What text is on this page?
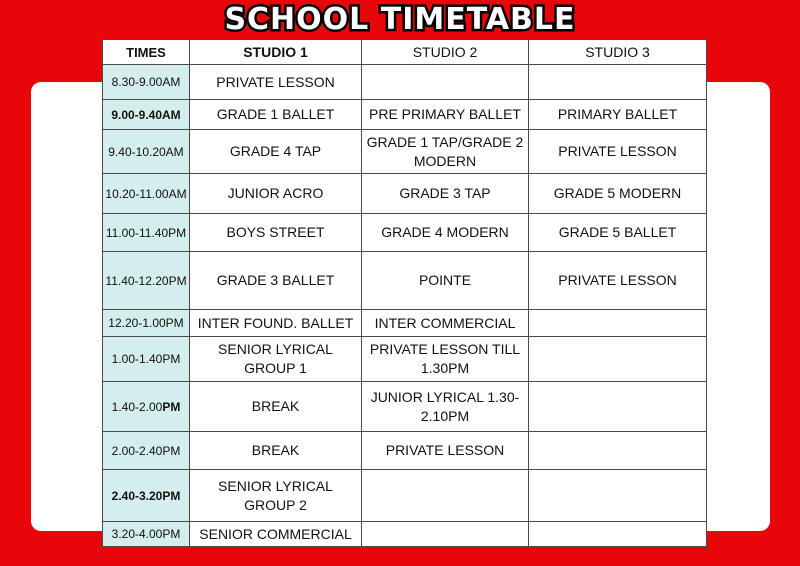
SCHOOL TIMETABLE
TIMES	STUDIO 1	STUDIO 2	STUDIO 3
8.30-9.00AM	PRIVATE LESSON		
9.00-9.40AM	GRADE 1 BALLET	PRE PRIMARY BALLET	PRIMARY BALLET
9.40-10.20AM	GRADE 4 TAP	GRADE 1 TAP/GRADE 2 MODERN	PRIVATE LESSON
10.20-11.00AM	JUNIOR ACRO	GRADE 3 TAP	GRADE 5 MODERN
11.00-11.40PM	BOYS STREET	GRADE 4 MODERN	GRADE 5 BALLET
11.40-12.20PM	GRADE 3 BALLET	POINTE	PRIVATE LESSON
12.20-1.00PM	INTER FOUND. BALLET	INTER COMMERCIAL	
1.00-1.40PM	SENIOR LYRICAL GROUP 1	PRIVATE LESSON TILL 1.30PM	
1.40-2.00PM	BREAK	JUNIOR LYRICAL 1.30-2.10PM	
2.00-2.40PM	BREAK	PRIVATE LESSON	
2.40-3.20PM	SENIOR LYRICAL GROUP 2		
3.20-4.00PM	SENIOR COMMERCIAL		
